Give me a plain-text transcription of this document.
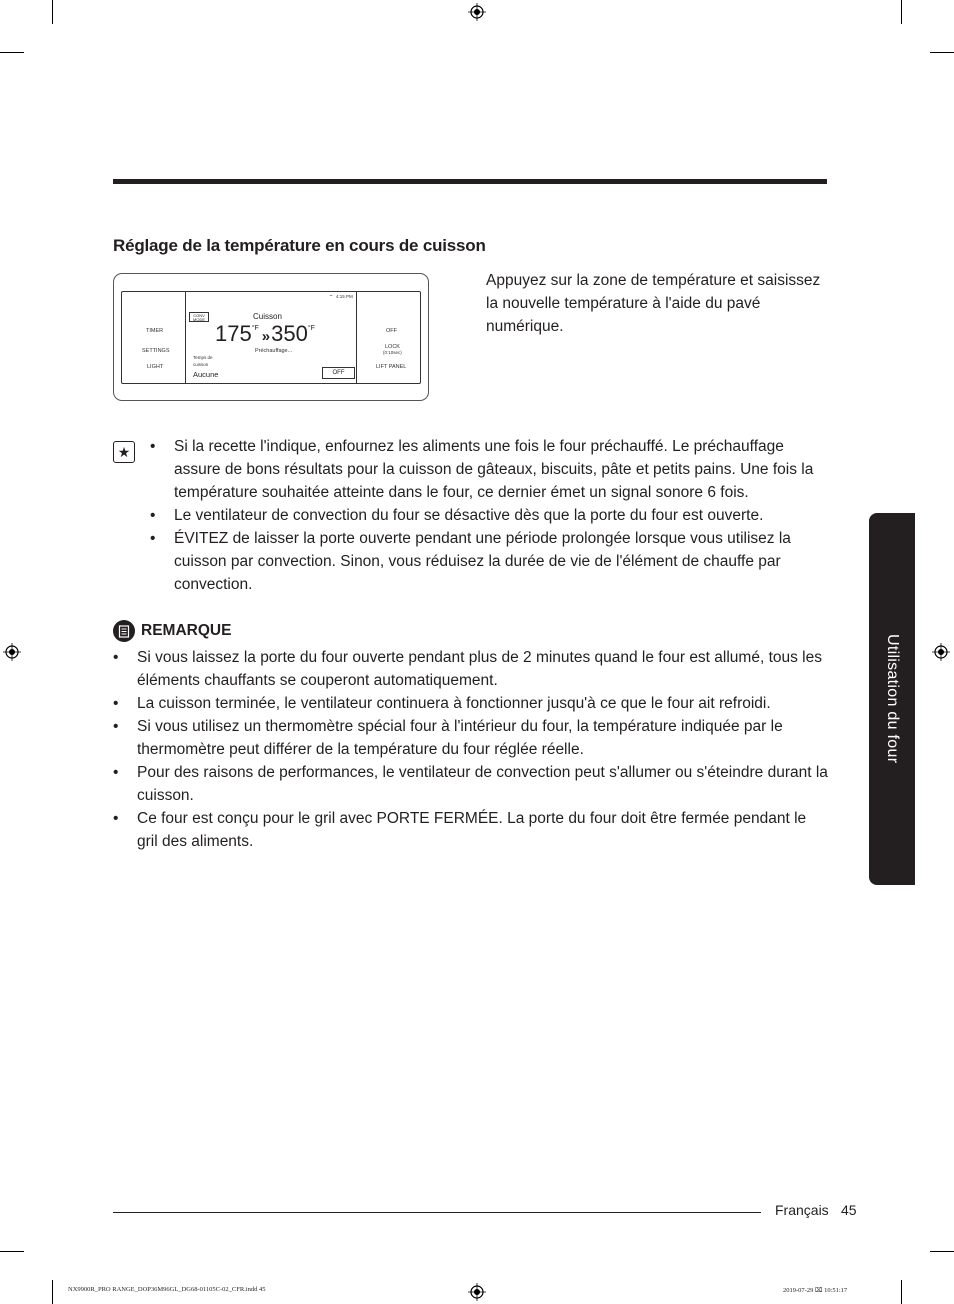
Réglage de la température en cours de cuisson
TIMER
SETTINGS
LIGHT
OFF
LOCK
(0:10sec)
LIFT PANEL
⌔ 4:15 PM
CONV
MODE	Cuisson
175 °F » 350 °F
Préchauffage...
Temps de
cuisson
Aucune	OFF
Appuyez sur la zone de température et saisissez la nouvelle température à l'aide du pavé numérique.
★
•	Si la recette l'indique, enfournez les aliments une fois le four préchauffé. Le préchauffage assure de bons résultats pour la cuisson de gâteaux, biscuits, pâte et petits pains. Une fois la température souhaitée atteinte dans le four, ce dernier émet un signal sonore 6 fois.
• Le ventilateur de convection du four se désactive dès que la porte du four est ouverte.
• ÉVITEZ de laisser la porte ouverte pendant une période prolongée lorsque vous utilisez la cuisson par convection. Sinon, vous réduisez la durée de vie de l'élément de chauffe par convection.
REMARQUE
• Si vous laissez la porte du four ouverte pendant plus de 2 minutes quand le four est allumé, tous les éléments chauffants se couperont automatiquement.
• La cuisson terminée, le ventilateur continuera à fonctionner jusqu'à ce que le four ait refroidi.
• Si vous utilisez un thermomètre spécial four à l'intérieur du four, la température indiquée par le thermomètre peut différer de la température du four réglée réelle.
• Pour des raisons de performances, le ventilateur de convection peut s'allumer ou s'éteindre durant la cuisson.
• Ce four est conçu pour le gril avec PORTE FERMÉE. La porte du four doit être fermée pendant le gril des aliments.
Utilisation du four
Français 45
NX9900R_PRO RANGE_DOP36M96GL_DG68-01105C-02_CFR.indd 45	2019-07-29 ⌧ 10:51:17
